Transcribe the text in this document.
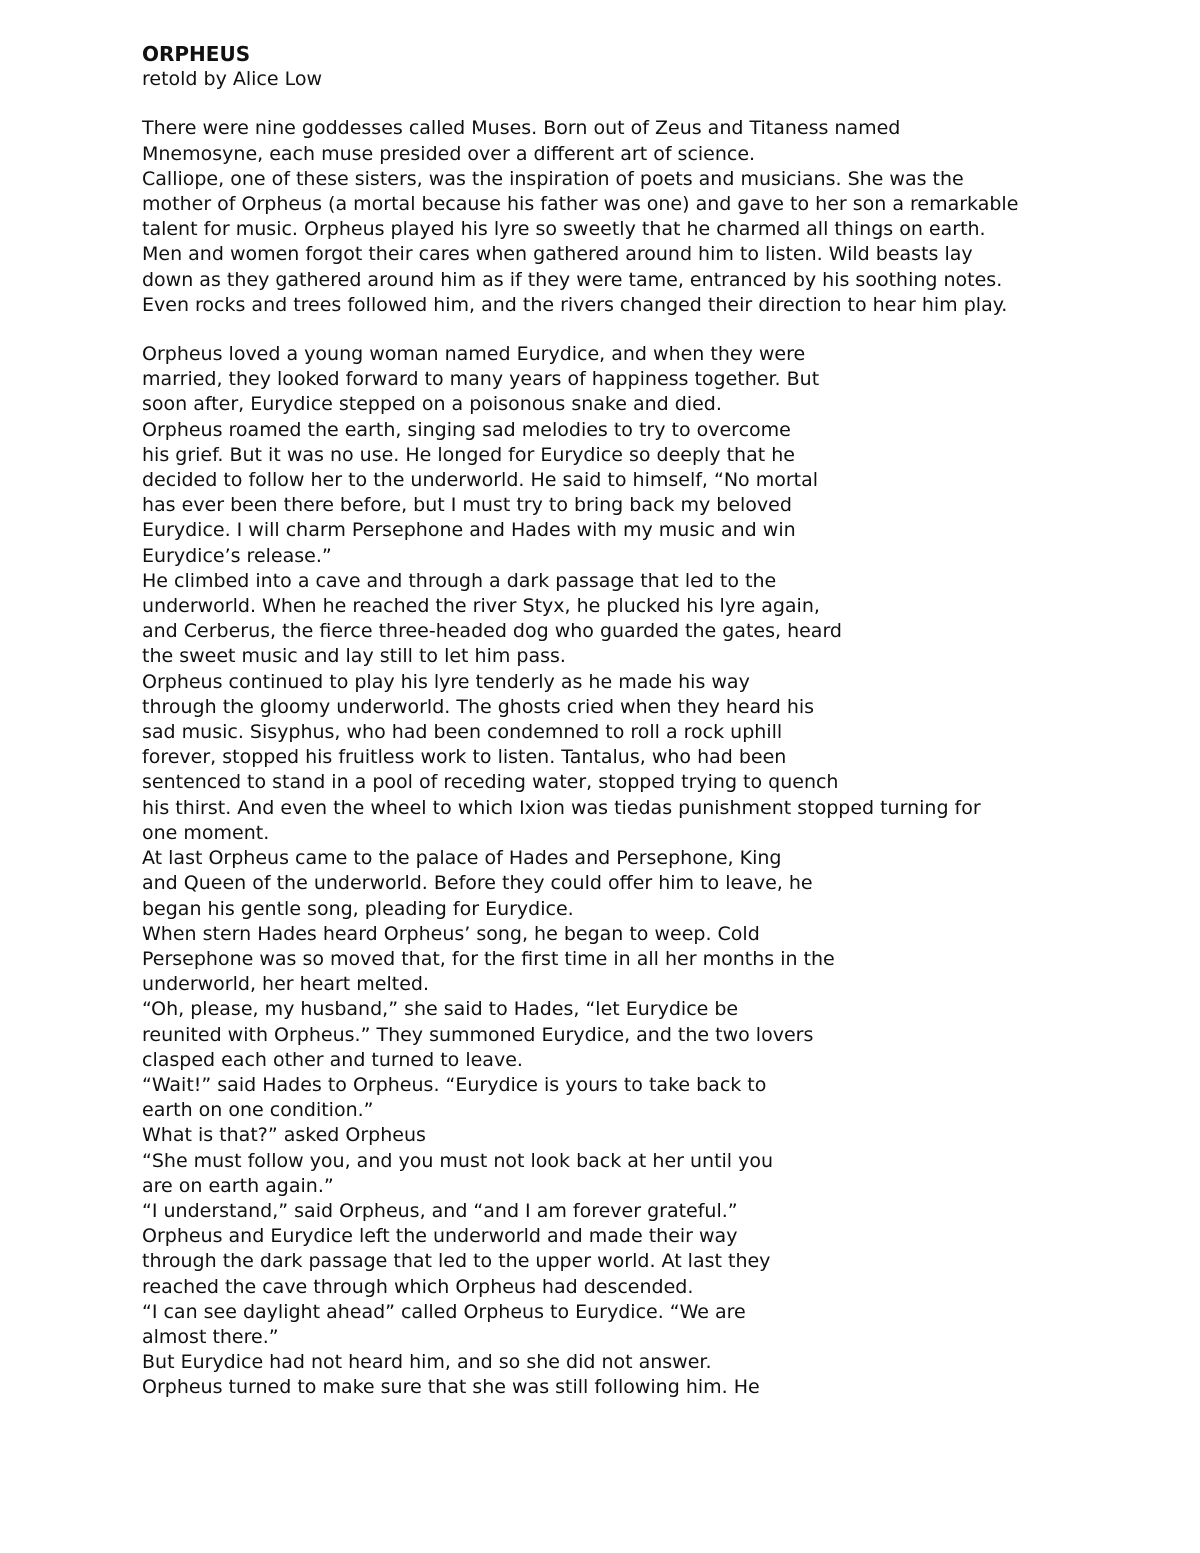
ORPHEUS
retold by Alice Low
There were nine goddesses called Muses. Born out of Zeus and Titaness named
Mnemosyne, each muse presided over a different art of science.
Calliope, one of these sisters, was the inspiration of poets and musicians. She was the
mother of Orpheus (a mortal because his father was one) and gave to her son a remarkable
talent for music. Orpheus played his lyre so sweetly that he charmed all things on earth.
Men and women forgot their cares when gathered around him to listen. Wild beasts lay
down as they gathered around him as if they were tame, entranced by his soothing notes.
Even rocks and trees followed him, and the rivers changed their direction to hear him play.
Orpheus loved a young woman named Eurydice, and when they were
married, they looked forward to many years of happiness together. But
soon after, Eurydice stepped on a poisonous snake and died.
Orpheus roamed the earth, singing sad melodies to try to overcome
his grief. But it was no use. He longed for Eurydice so deeply that he
decided to follow her to the underworld. He said to himself, “No mortal
has ever been there before, but I must try to bring back my beloved
Eurydice. I will charm Persephone and Hades with my music and win
Eurydice’s release.”
He climbed into a cave and through a dark passage that led to the
underworld. When he reached the river Styx, he plucked his lyre again,
and Cerberus, the fierce three-headed dog who guarded the gates, heard
the sweet music and lay still to let him pass.
Orpheus continued to play his lyre tenderly as he made his way
through the gloomy underworld. The ghosts cried when they heard his
sad music. Sisyphus, who had been condemned to roll a rock uphill
forever, stopped his fruitless work to listen. Tantalus, who had been
sentenced to stand in a pool of receding water, stopped trying to quench
his thirst. And even the wheel to which Ixion was tiedas punishment stopped turning for
one moment.
At last Orpheus came to the palace of Hades and Persephone, King
and Queen of the underworld. Before they could offer him to leave, he
began his gentle song, pleading for Eurydice.
When stern Hades heard Orpheus’ song, he began to weep. Cold
Persephone was so moved that, for the first time in all her months in the
underworld, her heart melted.
“Oh, please, my husband,” she said to Hades, “let Eurydice be
reunited with Orpheus.” They summoned Eurydice, and the two lovers
clasped each other and turned to leave.
“Wait!” said Hades to Orpheus. “Eurydice is yours to take back to
earth on one condition.”
What is that?” asked Orpheus
“She must follow you, and you must not look back at her until you
are on earth again.”
“I understand,” said Orpheus, and “and I am forever grateful.”
Orpheus and Eurydice left the underworld and made their way
through the dark passage that led to the upper world. At last they
reached the cave through which Orpheus had descended.
“I can see daylight ahead” called Orpheus to Eurydice. “We are
almost there.”
But Eurydice had not heard him, and so she did not answer.
Orpheus turned to make sure that she was still following him. He
